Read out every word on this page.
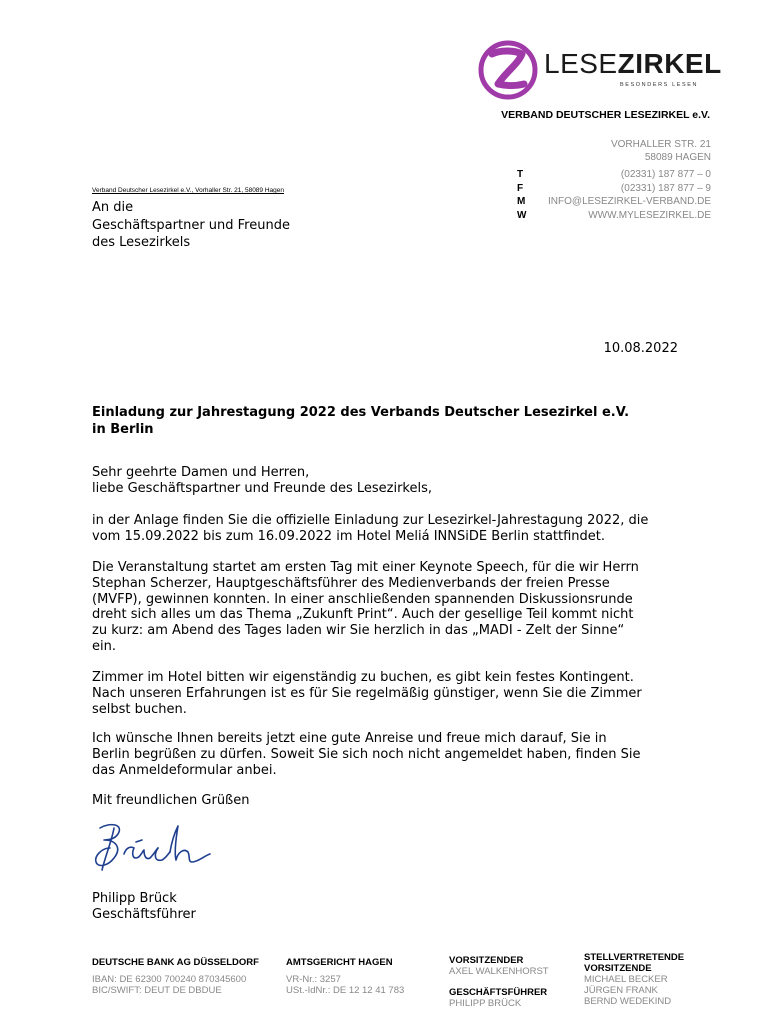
LESEZIRKEL
BESONDERS LESEN
VERBAND DEUTSCHER LESEZIRKEL e.V.
VORHALLER STR. 21
58089 HAGEN
T	(02331) 187 877 – 0
F	(02331) 187 877 – 9
M	INFO@LESEZIRKEL-VERBAND.DE
W	WWW.MYLESEZIRKEL.DE
Verband Deutscher Lesezirkel e.V., Vorhaller Str. 21, 58089 Hagen
An die
Geschäftspartner und Freunde
des Lesezirkels
10.08.2022
Einladung zur Jahrestagung 2022 des Verbands Deutscher Lesezirkel e.V.
in Berlin
Sehr geehrte Damen und Herren,
liebe Geschäftspartner und Freunde des Lesezirkels,
in der Anlage finden Sie die offizielle Einladung zur Lesezirkel-Jahrestagung 2022, die
vom 15.09.2022 bis zum 16.09.2022 im Hotel Meliá INNSiDE Berlin stattfindet.
Die Veranstaltung startet am ersten Tag mit einer Keynote Speech, für die wir Herrn
Stephan Scherzer, Hauptgeschäftsführer des Medienverbands der freien Presse
(MVFP), gewinnen konnten. In einer anschließenden spannenden Diskussionsrunde
dreht sich alles um das Thema „Zukunft Print“. Auch der gesellige Teil kommt nicht
zu kurz: am Abend des Tages laden wir Sie herzlich in das „MADI - Zelt der Sinne“
ein.
Zimmer im Hotel bitten wir eigenständig zu buchen, es gibt kein festes Kontingent.
Nach unseren Erfahrungen ist es für Sie regelmäßig günstiger, wenn Sie die Zimmer
selbst buchen.
Ich wünsche Ihnen bereits jetzt eine gute Anreise und freue mich darauf, Sie in
Berlin begrüßen zu dürfen. Soweit Sie sich noch nicht angemeldet haben, finden Sie
das Anmeldeformular anbei.
Mit freundlichen Grüßen
Philipp Brück
Geschäftsführer
DEUTSCHE BANK AG DÜSSELDORF
IBAN: DE 62300 700240 870345600
BIC/SWIFT: DEUT DE DBDUE
AMTSGERICHT HAGEN
VR-Nr.: 3257
USt.-IdNr.: DE 12 12 41 783
VORSITZENDER
AXEL WALKENHORST
GESCHÄFTSFÜHRER
PHILIPP BRÜCK
STELLVERTRETENDE
VORSITZENDE
MICHAEL BECKER
JÜRGEN FRANK
BERND WEDEKIND
